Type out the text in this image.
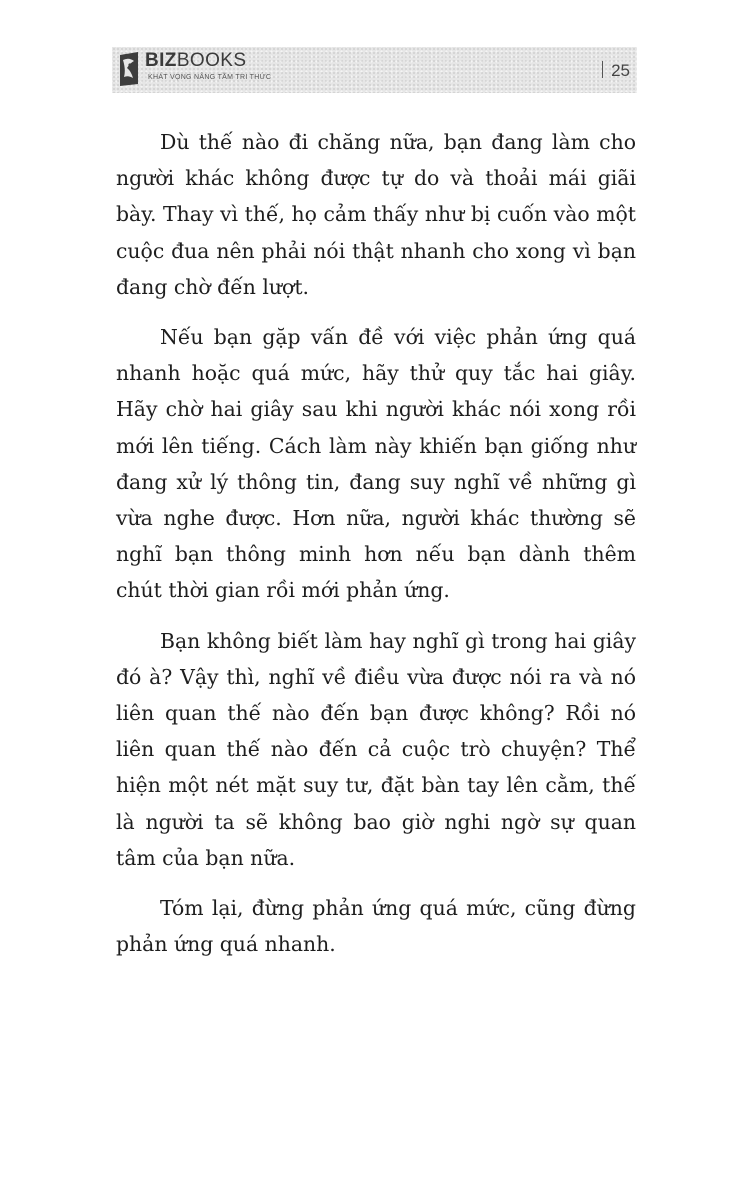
BIZBOOKS
KHÁT VỌNG NÂNG TẦM TRI THỨC	25

Dù thế nào đi chăng nữa, bạn đang làm cho người khác không được tự do và thoải mái giãi bày. Thay vì thế, họ cảm thấy như bị cuốn vào một cuộc đua nên phải nói thật nhanh cho xong vì bạn đang chờ đến lượt.

Nếu bạn gặp vấn đề với việc phản ứng quá nhanh hoặc quá mức, hãy thử quy tắc hai giây. Hãy chờ hai giây sau khi người khác nói xong rồi mới lên tiếng. Cách làm này khiến bạn giống như đang xử lý thông tin, đang suy nghĩ về những gì vừa nghe được. Hơn nữa, người khác thường sẽ nghĩ bạn thông minh hơn nếu bạn dành thêm chút thời gian rồi mới phản ứng.

Bạn không biết làm hay nghĩ gì trong hai giây đó à? Vậy thì, nghĩ về điều vừa được nói ra và nó liên quan thế nào đến bạn được không? Rồi nó liên quan thế nào đến cả cuộc trò chuyện? Thể hiện một nét mặt suy tư, đặt bàn tay lên cằm, thế là người ta sẽ không bao giờ nghi ngờ sự quan tâm của bạn nữa.

Tóm lại, đừng phản ứng quá mức, cũng đừng phản ứng quá nhanh.
